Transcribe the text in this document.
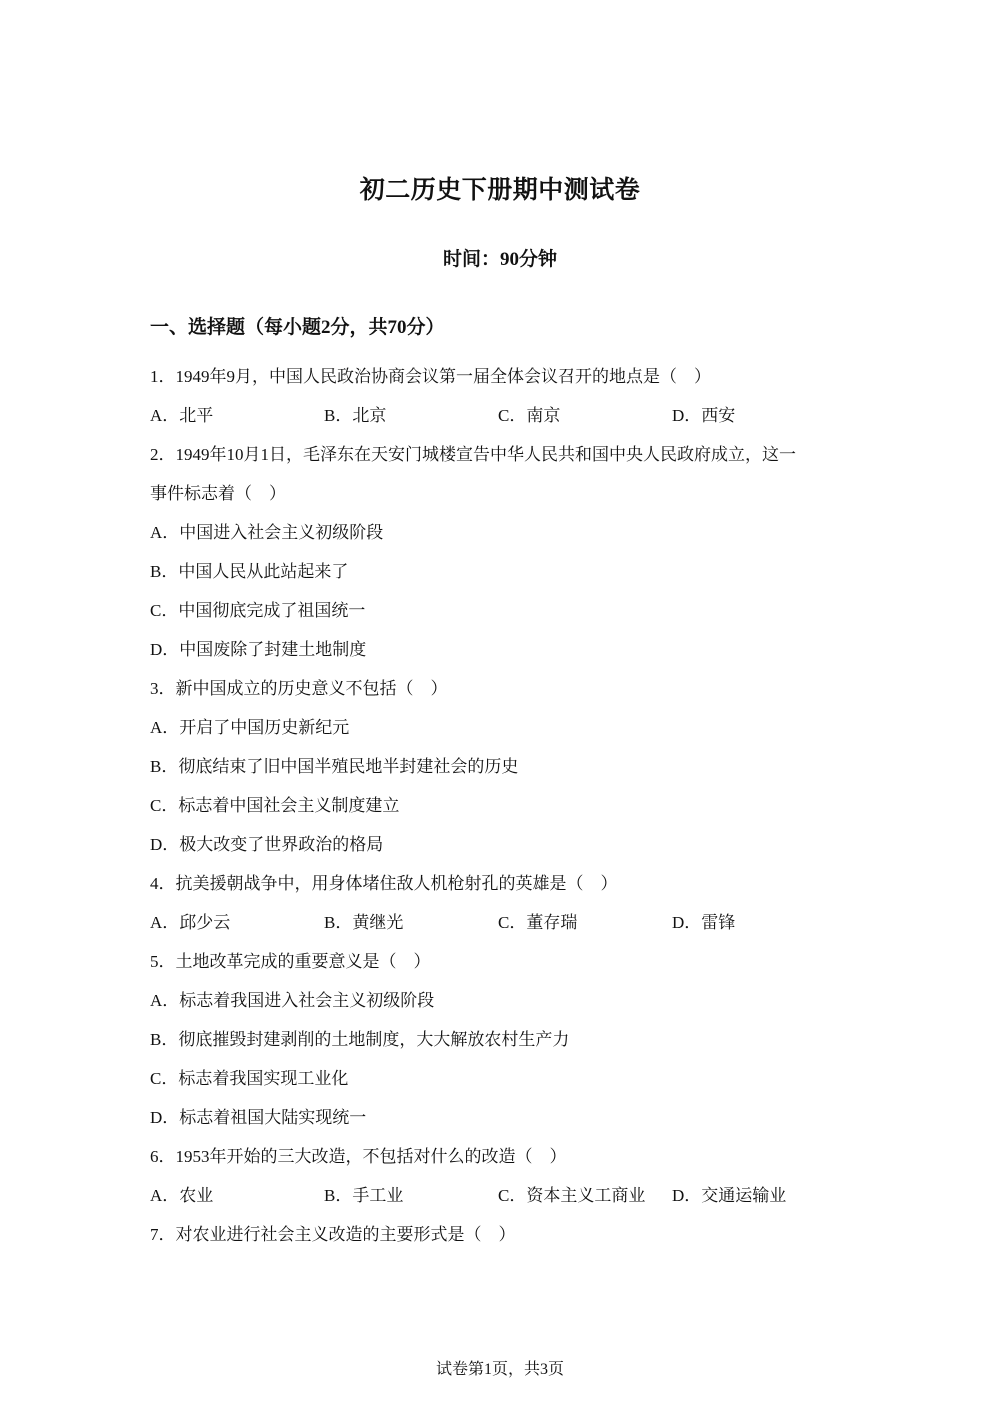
初二历史下册期中测试卷
时间：90分钟
一、选择题（每小题2分，共70分）
1．1949年9月，中国人民政治协商会议第一届全体会议召开的地点是（　）
A．北平	B．北京	C．南京	D．西安
2．1949年10月1日，毛泽东在天安门城楼宣告中华人民共和国中央人民政府成立，这一
事件标志着（　）
A．中国进入社会主义初级阶段
B．中国人民从此站起来了
C．中国彻底完成了祖国统一
D．中国废除了封建土地制度
3．新中国成立的历史意义不包括（　）
A．开启了中国历史新纪元
B．彻底结束了旧中国半殖民地半封建社会的历史
C．标志着中国社会主义制度建立
D．极大改变了世界政治的格局
4．抗美援朝战争中，用身体堵住敌人机枪射孔的英雄是（　）
A．邱少云	B．黄继光	C．董存瑞	D．雷锋
5．土地改革完成的重要意义是（　）
A．标志着我国进入社会主义初级阶段
B．彻底摧毁封建剥削的土地制度，大大解放农村生产力
C．标志着我国实现工业化
D．标志着祖国大陆实现统一
6．1953年开始的三大改造，不包括对什么的改造（　）
A．农业	B．手工业	C．资本主义工商业	D．交通运输业
7．对农业进行社会主义改造的主要形式是（　）
试卷第1页，共3页
